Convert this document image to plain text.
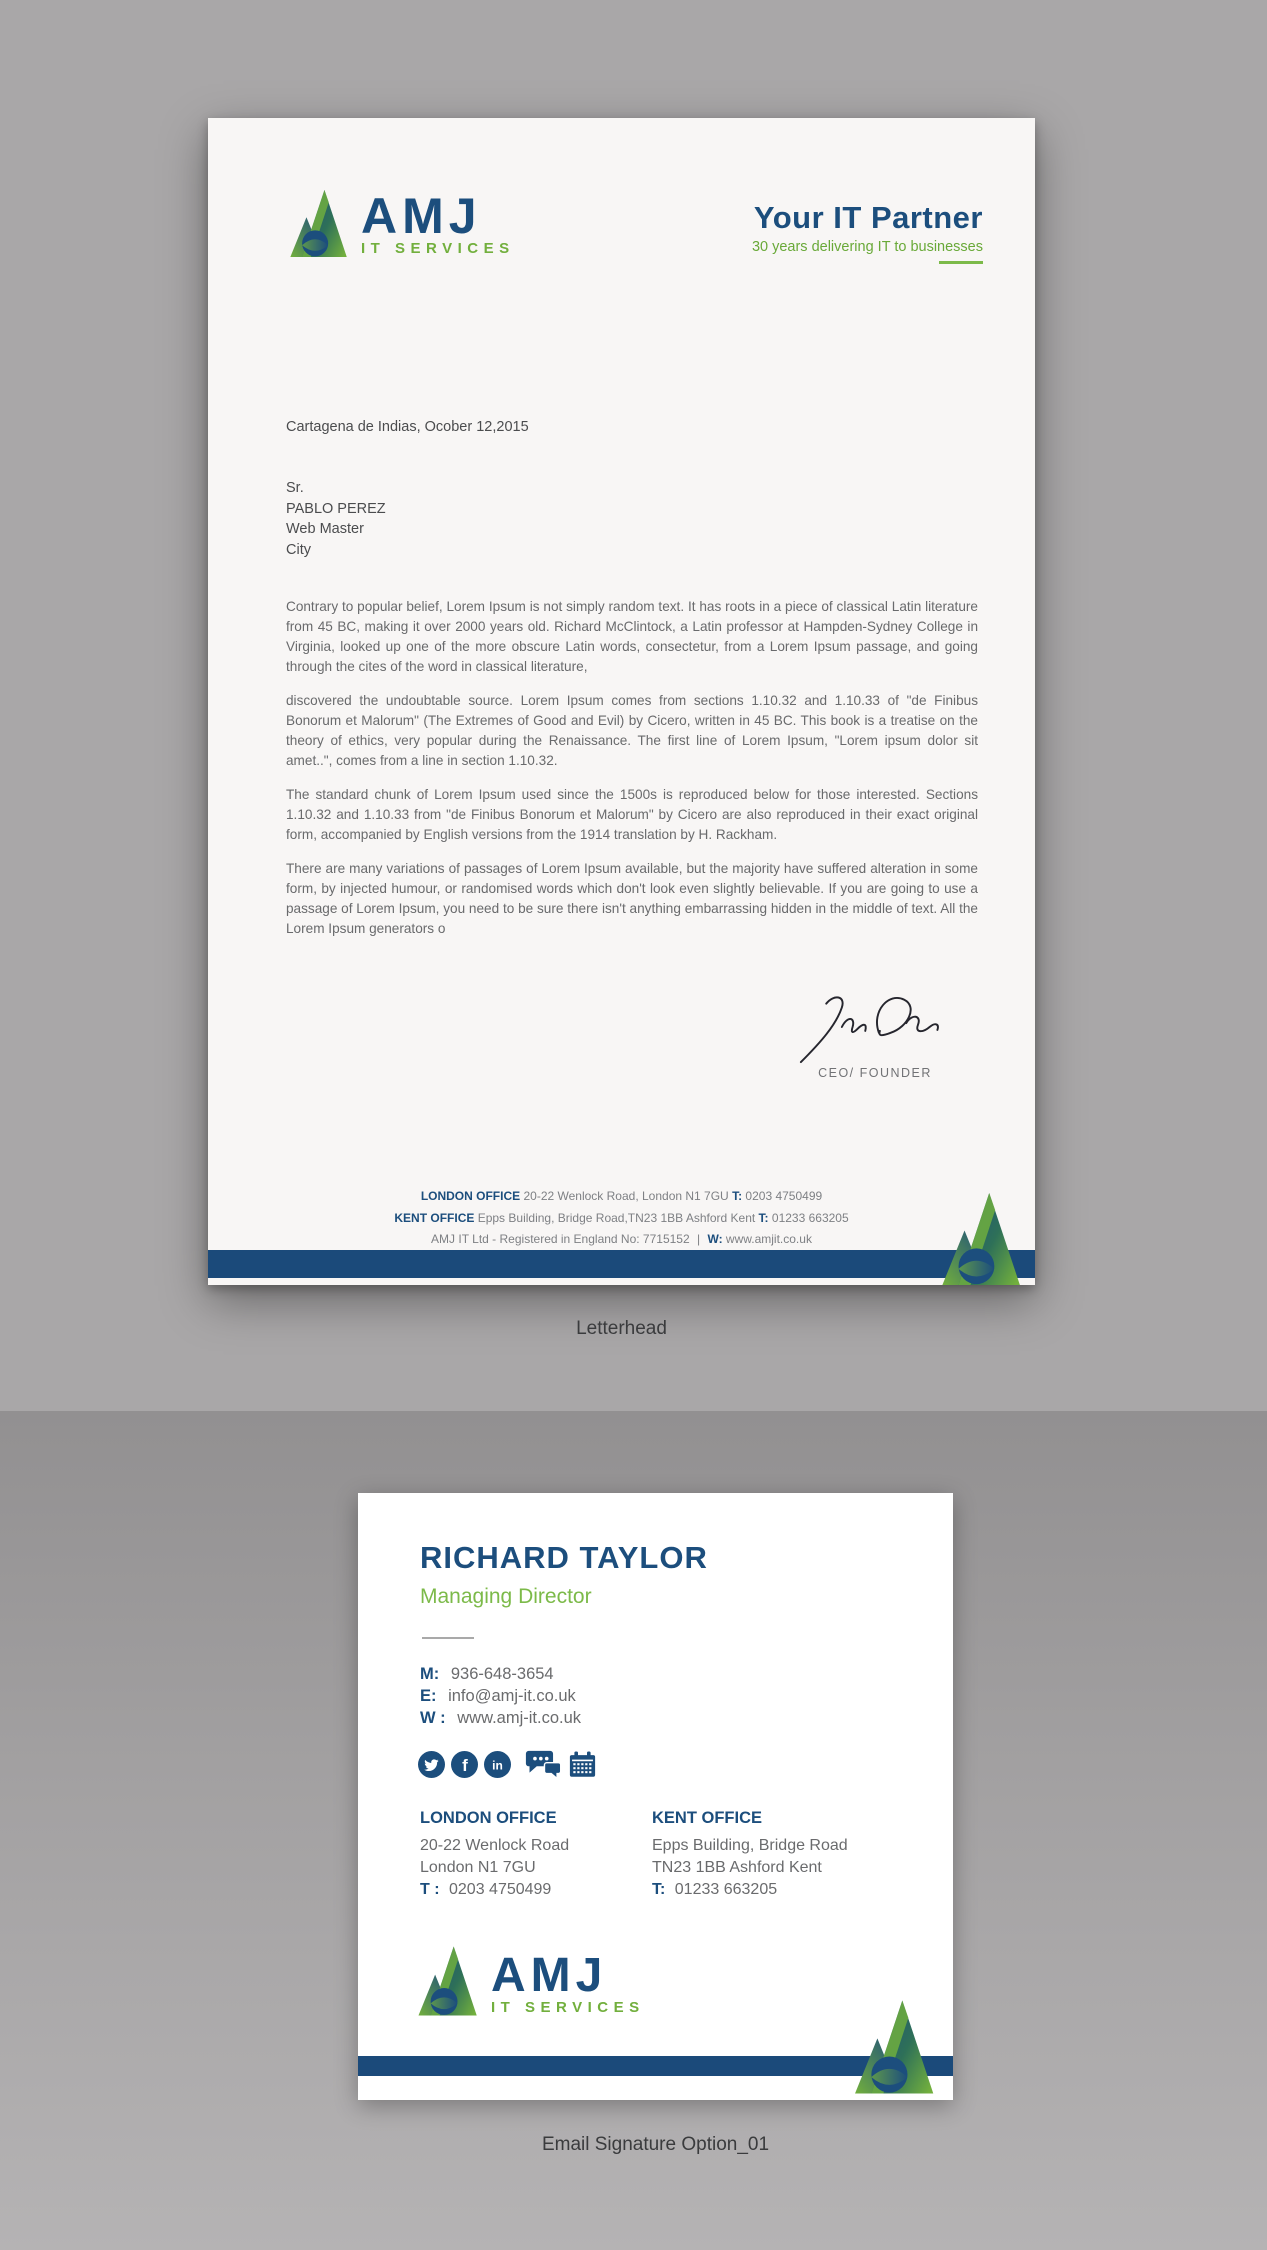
AMJ
IT SERVICES
Your IT Partner
30 years delivering IT to businesses
Cartagena de Indias, Ocober 12,2015
Sr.
PABLO PEREZ
Web Master
City

Contrary to popular belief, Lorem Ipsum is not simply random text. It has roots in a piece of classical Latin literature from 45 BC, making it over 2000 years old. Richard McClintock, a Latin professor at Hampden-Sydney College in Virginia, looked up one of the more obscure Latin words, consectetur, from a Lorem Ipsum passage, and going through the cites of the word in classical literature,

discovered the undoubtable source. Lorem Ipsum comes from sections 1.10.32 and 1.10.33 of "de Finibus Bonorum et Malorum" (The Extremes of Good and Evil) by Cicero, written in 45 BC. This book is a treatise on the theory of ethics, very popular during the Renaissance. The first line of Lorem Ipsum, "Lorem ipsum dolor sit amet..", comes from a line in section 1.10.32.

The standard chunk of Lorem Ipsum used since the 1500s is reproduced below for those interested. Sections 1.10.32 and 1.10.33 from "de Finibus Bonorum et Malorum" by Cicero are also reproduced in their exact original form, accompanied by English versions from the 1914 translation by H. Rackham.

There are many variations of passages of Lorem Ipsum available, but the majority have suffered alteration in some form, by injected humour, or randomised words which don't look even slightly believable. If you are going to use a passage of Lorem Ipsum, you need to be sure there isn't anything embarrassing hidden in the middle of text. All the Lorem Ipsum generators o

CEO/ FOUNDER
LONDON OFFICE 20-22 Wenlock Road, London N1 7GU T: 0203 4750499
KENT OFFICE Epps Building, Bridge Road,TN23 1BB Ashford Kent T: 01233 663205
AMJ IT Ltd - Registered in England No: 7715152 | W: www.amjit.co.uk
Letterhead
RICHARD TAYLOR
Managing Director
M: 936-648-3654
E: info@amj-it.co.uk
W : www.amj-it.co.uk
f in
LONDON OFFICE
20-22 Wenlock Road
London N1 7GU
T : 0203 4750499
KENT OFFICE
Epps Building, Bridge Road
TN23 1BB Ashford Kent
T: 01233 663205
AMJ
IT SERVICES
Email Signature Option_01
